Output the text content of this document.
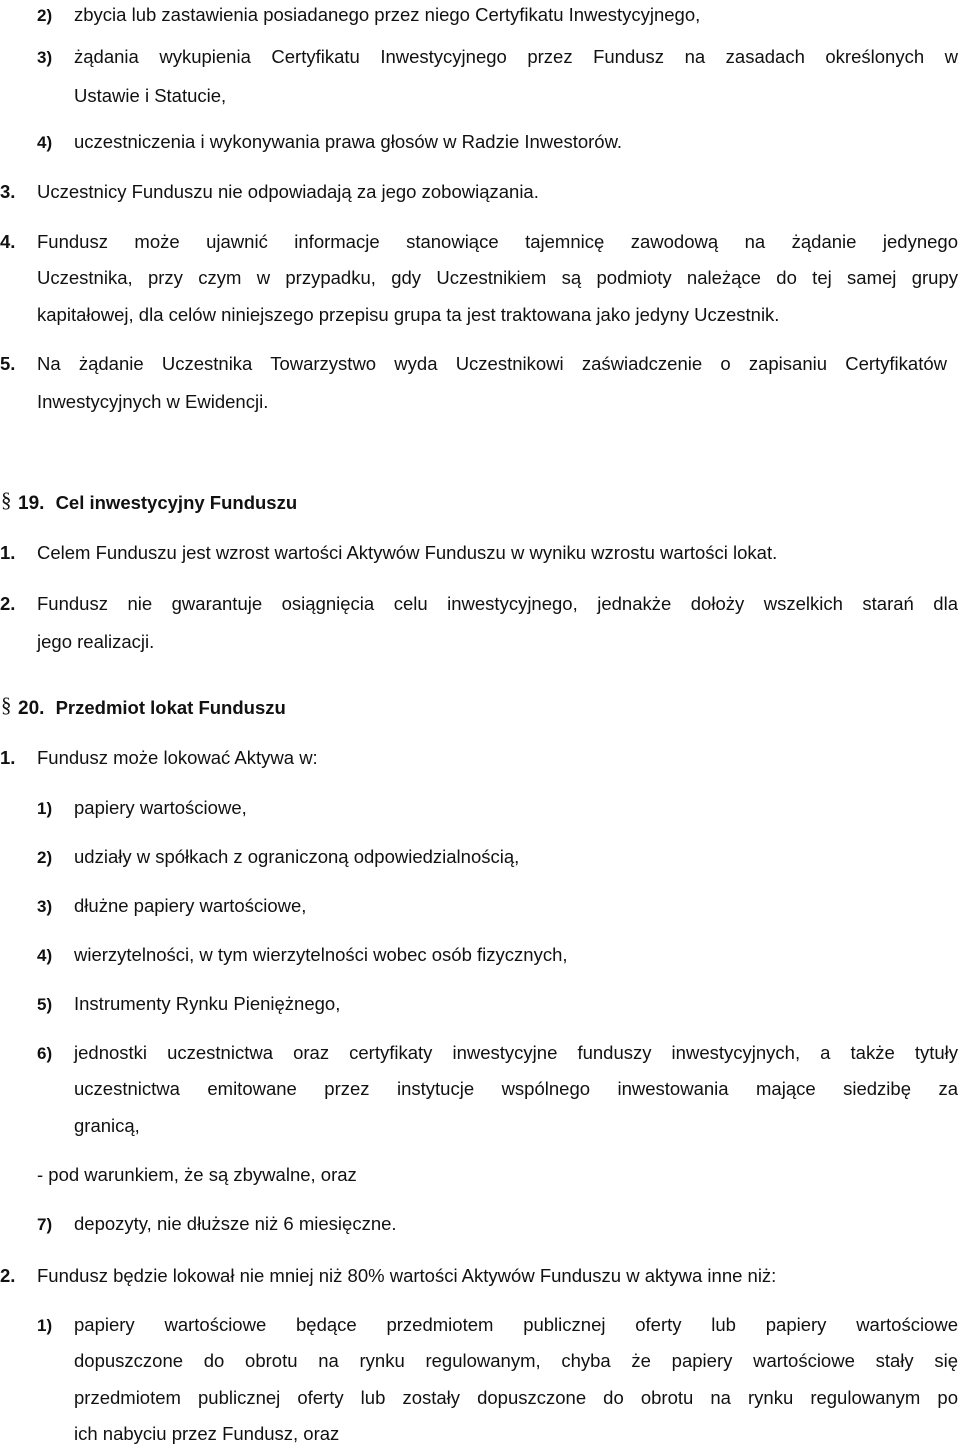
2) zbycia lub zastawienia posiadanego przez niego Certyfikatu Inwestycyjnego,
3) żądania wykupienia Certyfikatu Inwestycyjnego przez Fundusz na zasadach określonych w
Ustawie i Statucie,
4) uczestniczenia i wykonywania prawa głosów w Radzie Inwestorów.
3. Uczestnicy Funduszu nie odpowiadają za jego zobowiązania.
4. Fundusz może ujawnić informacje stanowiące tajemnicę zawodową na żądanie jedynego
Uczestnika, przy czym w przypadku, gdy Uczestnikiem są podmioty należące do tej samej grupy
kapitałowej, dla celów niniejszego przepisu grupa ta jest traktowana jako jedyny Uczestnik.
5. Na żądanie Uczestnika Towarzystwo wyda Uczestnikowi zaświadczenie o zapisaniu Certyfikatów
Inwestycyjnych w Ewidencji.
§ 19. Cel inwestycyjny Funduszu
1. Celem Funduszu jest wzrost wartości Aktywów Funduszu w wyniku wzrostu wartości lokat.
2. Fundusz nie gwarantuje osiągnięcia celu inwestycyjnego, jednakże dołoży wszelkich starań dla
jego realizacji.
§ 20. Przedmiot lokat Funduszu
1. Fundusz może lokować Aktywa w:
1) papiery wartościowe,
2) udziały w spółkach z ograniczoną odpowiedzialnością,
3) dłużne papiery wartościowe,
4) wierzytelności, w tym wierzytelności wobec osób fizycznych,
5) Instrumenty Rynku Pieniężnego,
6) jednostki uczestnictwa oraz certyfikaty inwestycyjne funduszy inwestycyjnych, a także tytuły
uczestnictwa emitowane przez instytucje wspólnego inwestowania mające siedzibę za
granicą,
- pod warunkiem, że są zbywalne, oraz
7) depozyty, nie dłuższe niż 6 miesięczne.
2. Fundusz będzie lokował nie mniej niż 80% wartości Aktywów Funduszu w aktywa inne niż:
1) papiery wartościowe będące przedmiotem publicznej oferty lub papiery wartościowe
dopuszczone do obrotu na rynku regulowanym, chyba że papiery wartościowe stały się
przedmiotem publicznej oferty lub zostały dopuszczone do obrotu na rynku regulowanym po
ich nabyciu przez Fundusz, oraz
